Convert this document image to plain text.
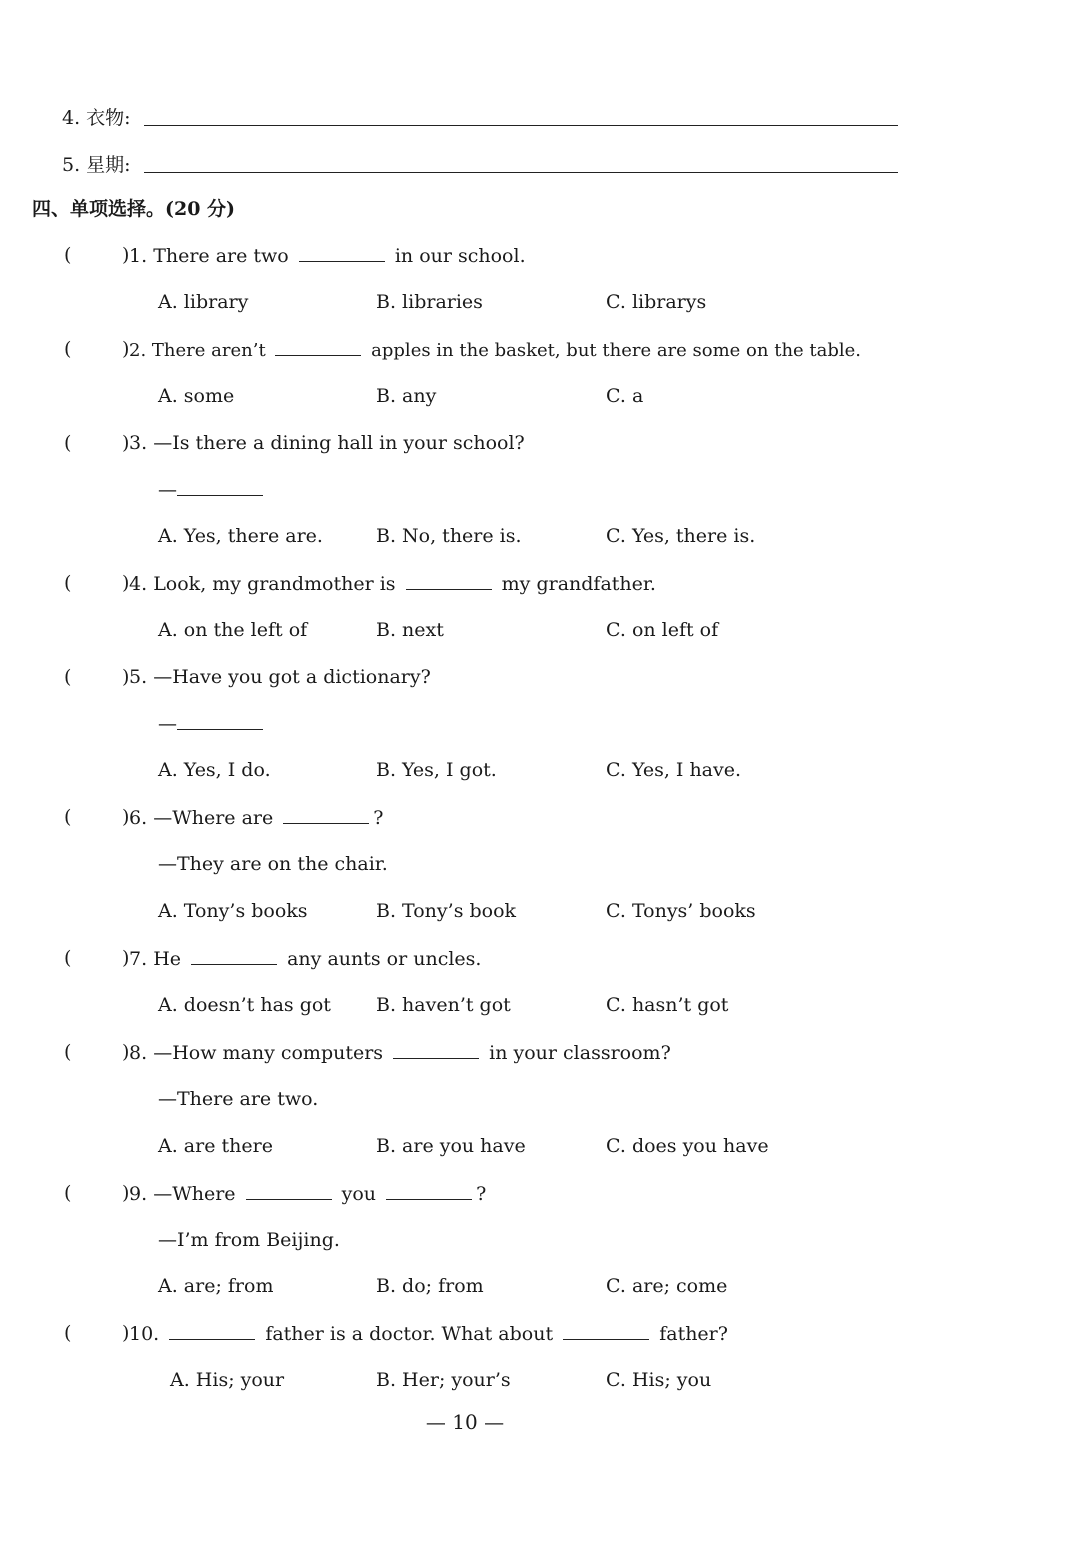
4. 衣物:
5. 星期:
四、单项选择。(20 分)
(	) 1. There are two	in our school.
A. library	B. libraries	C. librarys
(	) 2. There aren’t	apples in the basket, but there are some on the table.
A. some	B. any	C. a
(	) 3. —Is there a dining hall in your school?
—
A. Yes, there are.	B. No, there is.	C. Yes, there is.
(	) 4. Look, my grandmother is	my grandfather.
A. on the left of	B. next	C. on left of
(	) 5. —Have you got a dictionary?
—
A. Yes, I do.	B. Yes, I got.	C. Yes, I have.
(	) 6. —Where are	?
—They are on the chair.
A. Tony’s books	B. Tony’s book	C. Tonys’ books
(	) 7. He	any aunts or uncles.
A. doesn’t has got B. haven’t got	C. hasn’t got
(	) 8. —How many computers	in your classroom?
—There are two.
A. are there	B. are you have	C. does you have
(	) 9. —Where	you	?
—I’m from Beijing.
A. are; from	B. do; from	C. are; come
(	) 10.	father is a doctor. What about	father?
A. His; your	B. Her; your’s	C. His; you
— 10 —
